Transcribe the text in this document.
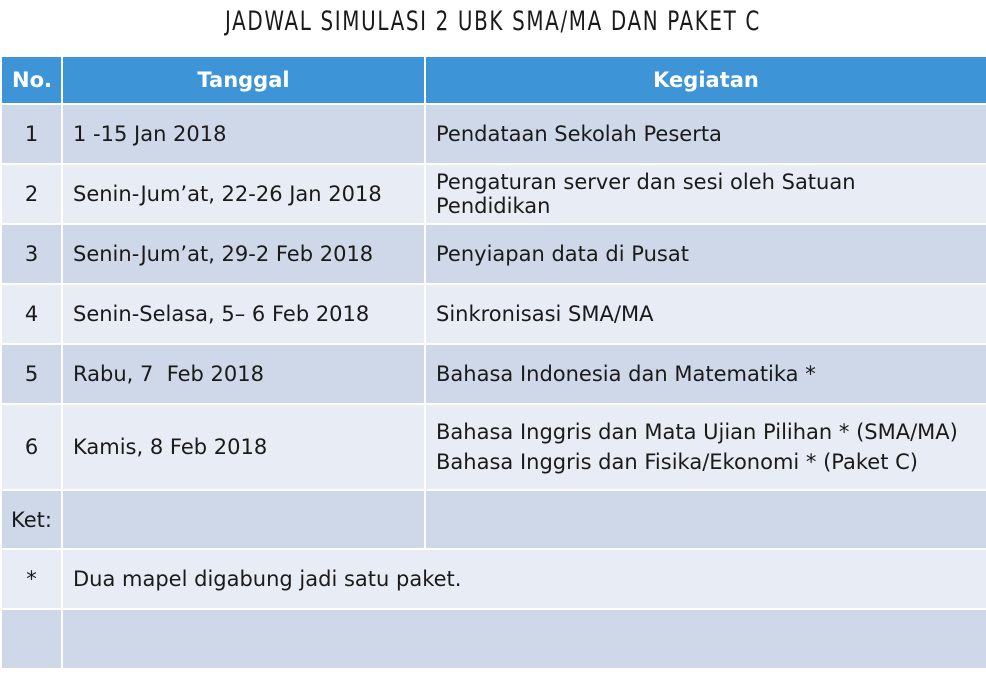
JADWAL SIMULASI 2 UBK SMA/MA DAN PAKET C
No.	Tanggal	Kegiatan
1	1 -15 Jan 2018	Pendataan Sekolah Peserta
2	Senin-Jum’at, 22-26 Jan 2018	Pengaturan server dan sesi oleh Satuan Pendidikan
3	Senin-Jum’at, 29-2 Feb 2018	Penyiapan data di Pusat
4	Senin-Selasa, 5– 6 Feb 2018	Sinkronisasi SMA/MA
5	Rabu, 7  Feb 2018	Bahasa Indonesia dan Matematika *
6	Kamis, 8 Feb 2018	Bahasa Inggris dan Mata Ujian Pilihan * (SMA/MA)
Bahasa Inggris dan Fisika/Ekonomi * (Paket C)

Ket:		
*	Dua mapel digabung jadi satu paket.	
